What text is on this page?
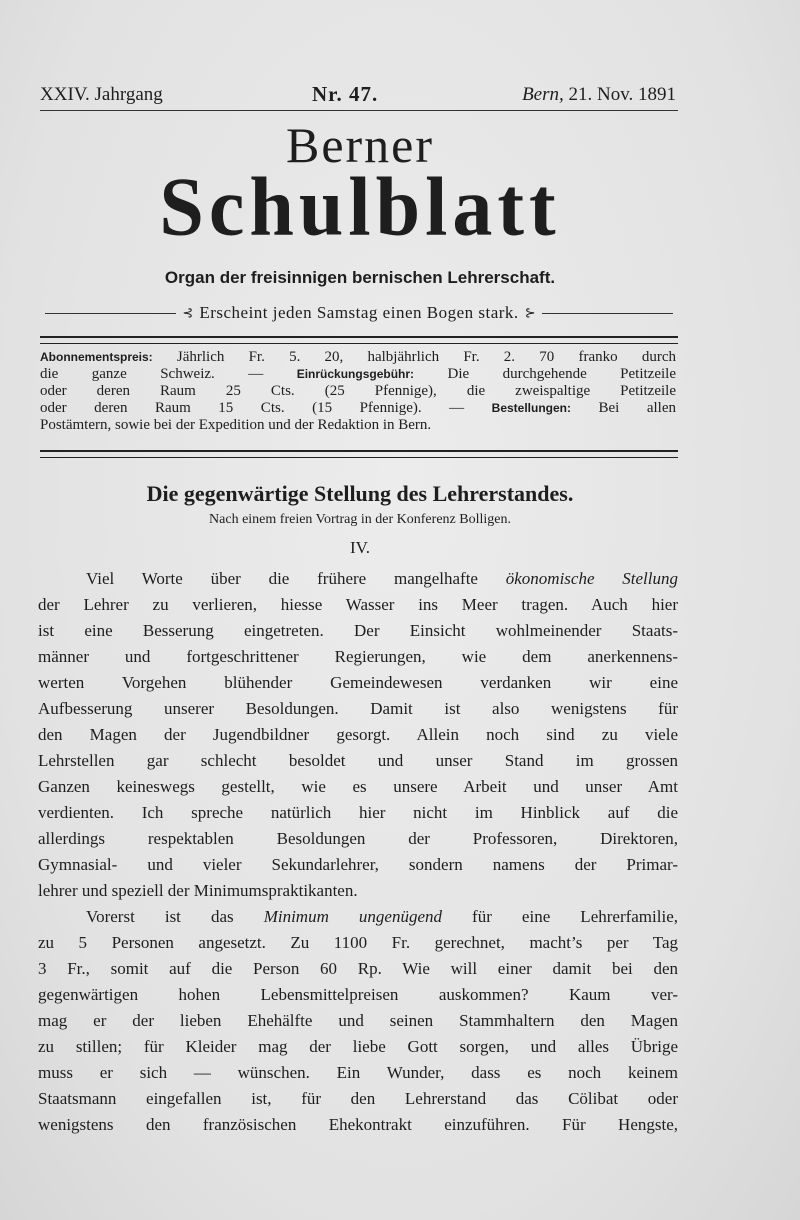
XXIV. Jahrgang	Nr. 47.	Bern, 21. Nov. 1891
Berner
Schulblatt
Organ der freisinnigen bernischen Lehrerschaft.
⊰ Erscheint jeden Samstag einen Bogen stark. ⊱

Abonnementspreis: Jährlich Fr. 5. 20, halbjährlich Fr. 2. 70 franko durch

die ganze Schweiz. — Einrückungsgebühr: Die durchgehende Petitzeile

oder deren Raum 25 Cts. (25 Pfennige), die zweispaltige Petitzeile

oder deren Raum 15 Cts. (15 Pfennige). — Bestellungen: Bei allen

Postämtern, sowie bei der Expedition und der Redaktion in Bern.

Die gegenwärtige Stellung des Lehrerstandes.
Nach einem freien Vortrag in der Konferenz Bolligen.
IV.
Viel Worte über die frühere mangelhafte ökonomische Stellung
der Lehrer zu verlieren, hiesse Wasser ins Meer tragen. Auch hier
ist eine Besserung eingetreten. Der Einsicht wohlmeinender Staats-
männer und fortgeschrittener Regierungen, wie dem anerkennens-
werten Vorgehen blühender Gemeindewesen verdanken wir eine
Aufbesserung unserer Besoldungen. Damit ist also wenigstens für
den Magen der Jugendbildner gesorgt. Allein noch sind zu viele
Lehrstellen gar schlecht besoldet und unser Stand im grossen
Ganzen keineswegs gestellt, wie es unsere Arbeit und unser Amt
verdienten. Ich spreche natürlich hier nicht im Hinblick auf die
allerdings respektablen Besoldungen der Professoren, Direktoren,
Gymnasial- und vieler Sekundarlehrer, sondern namens der Primar-
lehrer und speziell der Minimumspraktikanten.
Vorerst ist das Minimum ungenügend für eine Lehrerfamilie,
zu 5 Personen angesetzt. Zu 1100 Fr. gerechnet, macht’s per Tag
3 Fr., somit auf die Person 60 Rp. Wie will einer damit bei den
gegenwärtigen hohen Lebensmittelpreisen auskommen? Kaum ver-
mag er der lieben Ehehälfte und seinen Stammhaltern den Magen
zu stillen; für Kleider mag der liebe Gott sorgen, und alles Übrige
muss er sich — wünschen. Ein Wunder, dass es noch keinem
Staatsmann eingefallen ist, für den Lehrerstand das Cölibat oder
wenigstens den französischen Ehekontrakt einzuführen. Für Hengste,
